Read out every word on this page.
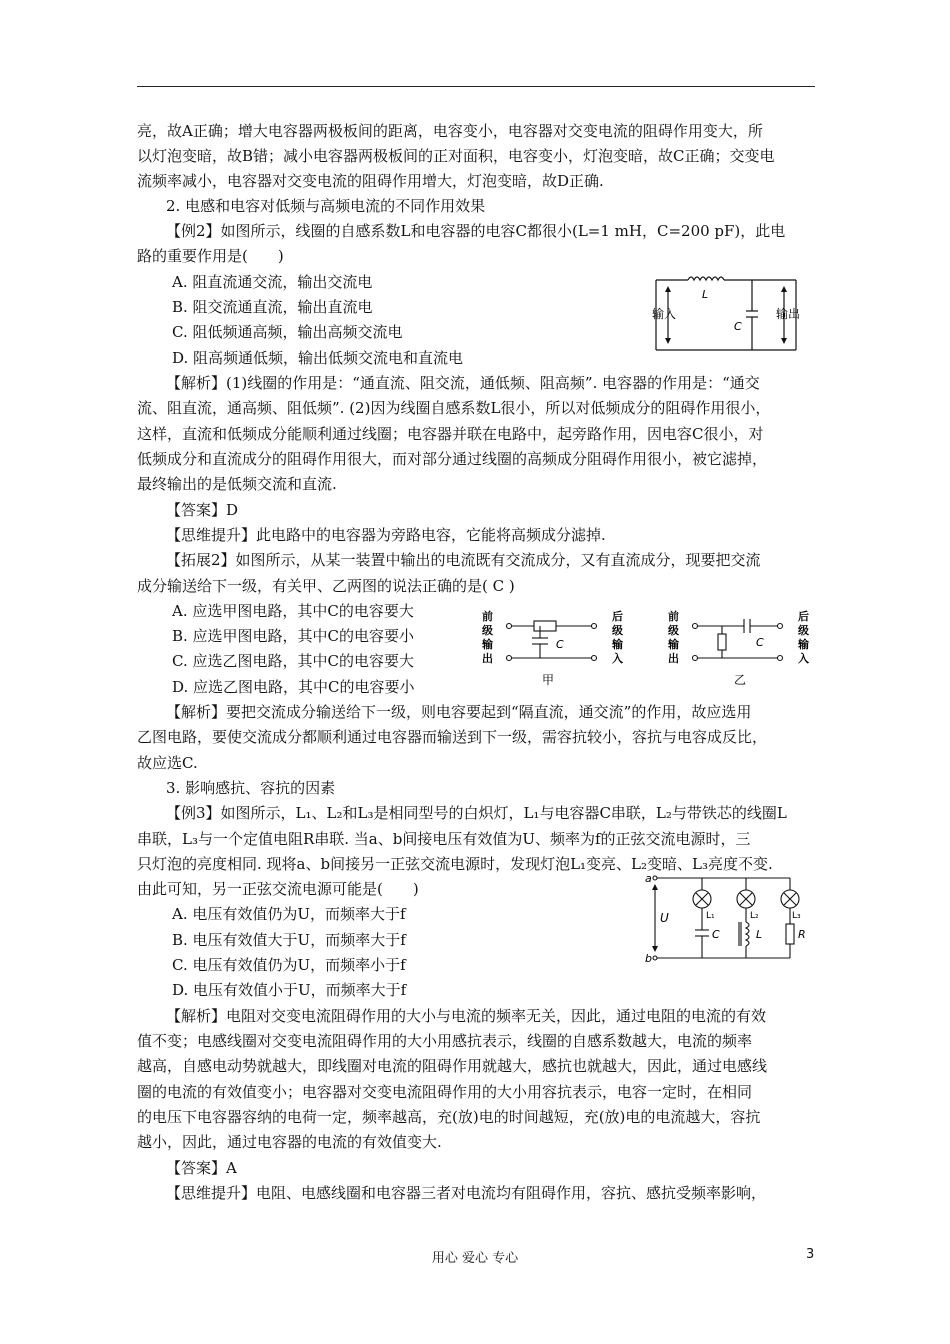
亮，故A正确；增大电容器两极板间的距离，电容变小，电容器对交变电流的阻碍作用变大，所
以灯泡变暗，故B错；减小电容器两极板间的正对面积，电容变小，灯泡变暗，故C正确；交变电
流频率减小，电容器对交变电流的阻碍作用增大，灯泡变暗，故D正确.
2. 电感和电容对低频与高频电流的不同作用效果
【例2】如图所示，线圈的自感系数L和电容器的电容C都很小(L=1 mH，C=200 pF)，此电
路的重要作用是(　　)
A. 阻直流通交流，输出交流电
B. 阻交流通直流，输出直流电
C. 阻低频通高频，输出高频交流电
D. 阻高频通低频，输出低频交流电和直流电
【解析】(1)线圈的作用是：“通直流、阻交流，通低频、阻高频”. 电容器的作用是：“通交
流、阻直流，通高频、阻低频”. (2)因为线圈自感系数L很小，所以对低频成分的阻碍作用很小，
这样，直流和低频成分能顺利通过线圈；电容器并联在电路中，起旁路作用，因电容C很小，对
低频成分和直流成分的阻碍作用很大，而对部分通过线圈的高频成分阻碍作用很小，被它滤掉，
最终输出的是低频交流和直流.
【答案】D
【思维提升】此电路中的电容器为旁路电容，它能将高频成分滤掉.
【拓展2】如图所示，从某一装置中输出的电流既有交流成分，又有直流成分，现要把交流
成分输送给下一级，有关甲、乙两图的说法正确的是( C )
A. 应选甲图电路，其中C的电容要大
B. 应选甲图电路，其中C的电容要小
C. 应选乙图电路，其中C的电容要大
D. 应选乙图电路，其中C的电容要小
【解析】要把交流成分输送给下一级，则电容要起到“隔直流，通交流”的作用，故应选用
乙图电路，要使交流成分都顺利通过电容器而输送到下一级，需容抗较小，容抗与电容成反比，
故应选C.
3. 影响感抗、容抗的因素
【例3】如图所示，L₁、L₂和L₃是相同型号的白炽灯，L₁与电容器C串联，L₂与带铁芯的线圈L
串联，L₃与一个定值电阻R串联. 当a、b间接电压有效值为U、频率为f的正弦交流电源时，三
只灯泡的亮度相同. 现将a、b间接另一正弦交流电源时，发现灯泡L₁变亮、L₂变暗、L₃亮度不变.
由此可知，另一正弦交流电源可能是(　　)
A. 电压有效值仍为U，而频率大于f
B. 电压有效值大于U，而频率大于f
C. 电压有效值仍为U，而频率小于f
D. 电压有效值小于U，而频率大于f
【解析】电阻对交变电流阻碍作用的大小与电流的频率无关，因此，通过电阻的电流的有效
值不变；电感线圈对交变电流阻碍作用的大小用感抗表示，线圈的自感系数越大，电流的频率
越高，自感电动势就越大，即线圈对电流的阻碍作用就越大，感抗也就越大，因此，通过电感线
圈的电流的有效值变小；电容器对交变电流阻碍作用的大小用容抗表示，电容一定时，在相同
的电压下电容器容纳的电荷一定，频率越高，充(放)电的时间越短，充(放)电的电流越大，容抗
越小，因此，通过电容器的电流的有效值变大.
【答案】A
【思维提升】电阻、电感线圈和电容器三者对电流均有阻碍作用，容抗、感抗受频率影响，
输入	输出
L
C
前 级 输 出
后 级 输 入
C
甲
前 级 输 出
后 级 输 入
C
乙
a
b
U	L₁	L₂	L₃
C	L	R
用心 爱心 专心	3
